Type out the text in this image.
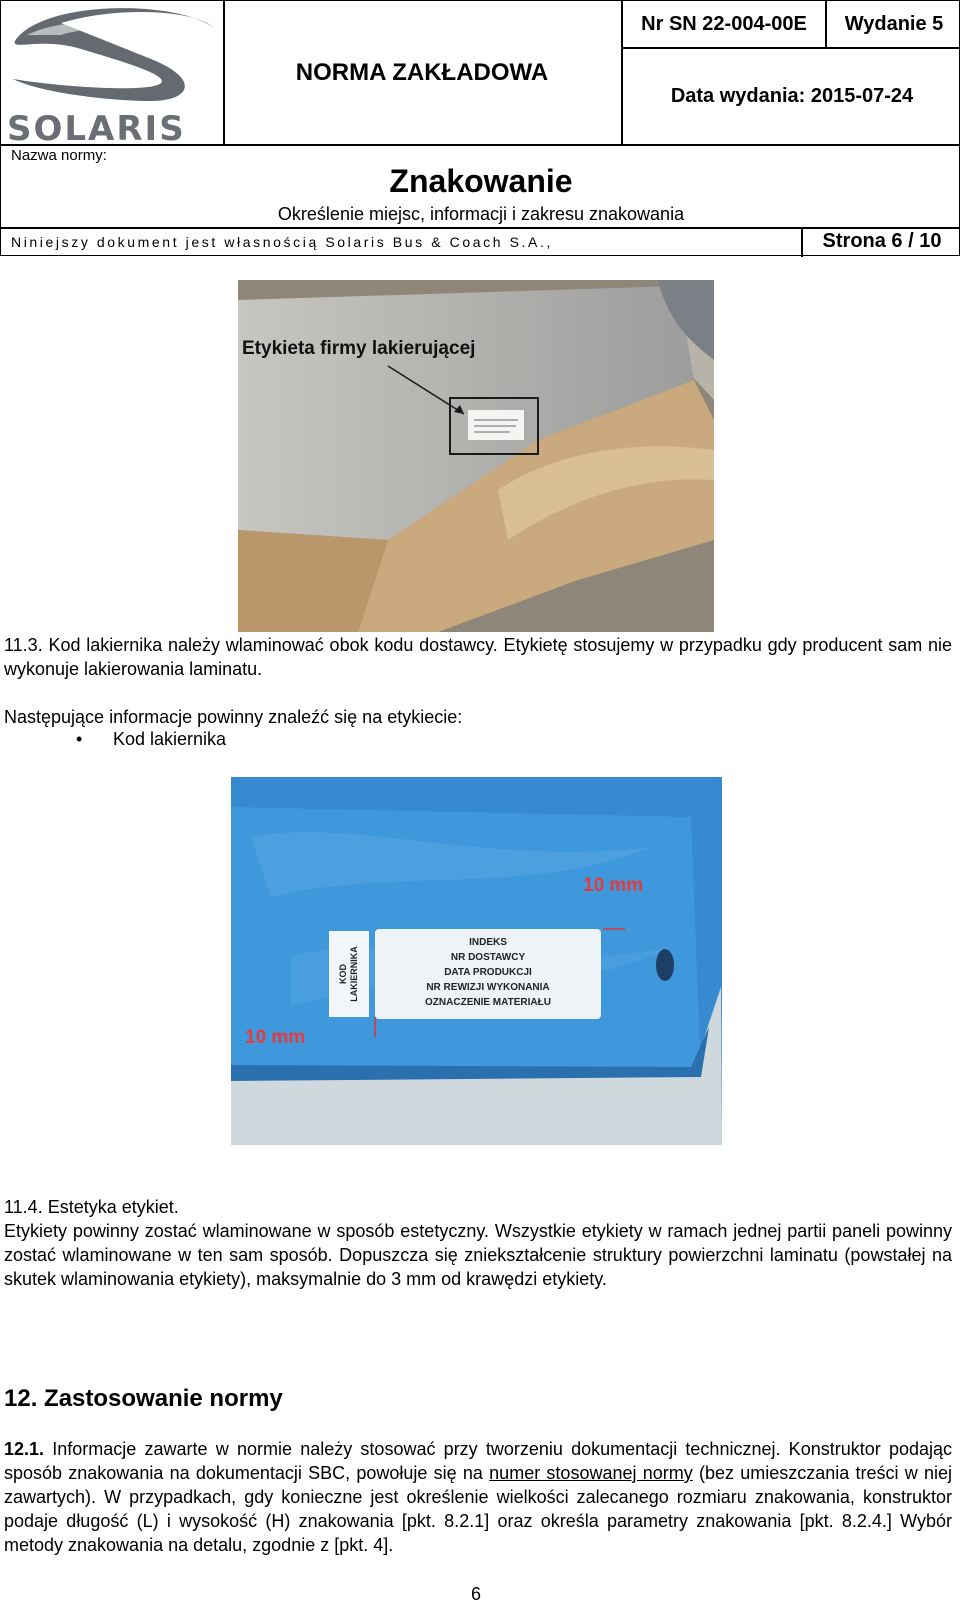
SOLARIS
NORMA ZAKŁADOWA
Nr SN 22-004-00E	Wydanie 5
Data wydania: 2015-07-24
Nazwa normy:
Znakowanie
Określenie miejsc, informacji i zakresu znakowania
Niniejszy dokument jest własnością Solaris Bus & Coach S.A.,	Strona 6 / 10
Etykieta firmy lakierującej
11.3. Kod lakiernika należy wlaminować obok kodu dostawcy. Etykietę stosujemy w przypadku gdy producent sam nie wykonuje lakierowania laminatu.
Następujące informacje powinny znaleźć się na etykiecie:
• Kod lakiernika
KOD LAKIERNIKA
INDEKS
NR DOSTAWCY
DATA PRODUKCJI
NR REWIZJI WYKONANIA
OZNACZENIE MATERIAŁU
10 mm
10 mm
11.4. Estetyka etykiet.
Etykiety powinny zostać wlaminowane w sposób estetyczny. Wszystkie etykiety w ramach jednej partii paneli powinny zostać wlaminowane w ten sam sposób. Dopuszcza się zniekształcenie struktury powierzchni laminatu (powstałej na skutek wlaminowania etykiety), maksymalnie do 3 mm od krawędzi etykiety.
12. Zastosowanie normy
12.1. Informacje zawarte w normie należy stosować przy tworzeniu dokumentacji technicznej. Konstruktor podając sposób znakowania na dokumentacji SBC, powołuje się na numer stosowanej normy (bez umieszczania treści w niej zawartych). W przypadkach, gdy konieczne jest określenie wielkości zalecanego rozmiaru znakowania, konstruktor podaje długość (L) i wysokość (H) znakowania [pkt. 8.2.1] oraz określa parametry znakowania [pkt. 8.2.4.] Wybór metody znakowania na detalu, zgodnie z [pkt. 4].
6
